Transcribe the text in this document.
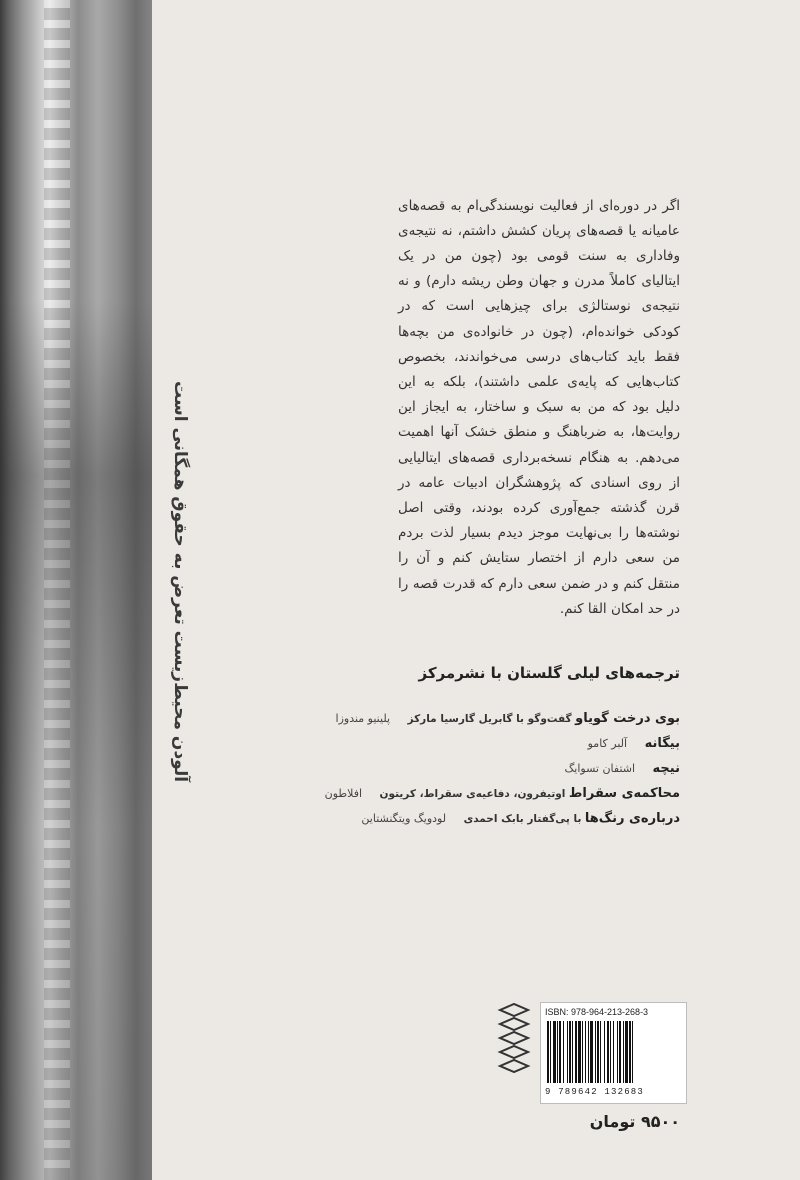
آلودن محیط‌زیست تعرض به حقوق همگانی است

اگر در دوره‌ای از فعالیت نویسندگی‌ام به قصه‌های عامیانه یا قصه‌های پریان کشش داشتم، نه نتیجه‌ی وفاداری به سنت قومی بود (چون من در یک ایتالیای کاملاً مدرن و جهان وطن ریشه دارم) و نه نتیجه‌ی نوستالژی برای چیزهایی است که در کودکی خوانده‌ام، (چون در خانواده‌ی من بچه‌ها فقط باید کتاب‌های درسی می‌خواندند، بخصوص کتاب‌هایی که پایه‌ی علمی داشتند)، بلکه به این دلیل بود که من به سبک و ساختار، به ایجاز این روایت‌ها، به ضرباهنگ و منطق خشک آنها اهمیت می‌دهم. به هنگام نسخه‌برداری قصه‌های ایتالیایی از روی اسنادی که پژوهشگران ادبیات عامه در قرن گذشته جمع‌آوری کرده بودند، وقتی اصل نوشته‌ها را بی‌نهایت موجز دیدم بسیار لذت بردم من سعی دارم از اختصار ستایش کنم و آن را منتقل کنم و در ضمن سعی دارم که قدرت قصه را در حد امکان القا کنم.

ترجمه‌های لیلی گلستان با نشرمرکز
بوی درخت گویاو گفت‌وگو با گابریل گارسیا مارکز پلینیو مندوزا
بیگانه آلبر کامو
نیچه اشتفان تسوایگ
محاکمه‌ی سقراط اوتیفرون، دفاعیه‌ی سقراط، کریتون افلاطون
درباره‌ی رنگ‌ها با پی‌گفتار بابک احمدی لودویگ ویتگنشتاین
ISBN: 978-964-213-268-3
9 789642 132683
۹۵۰۰ تومان
